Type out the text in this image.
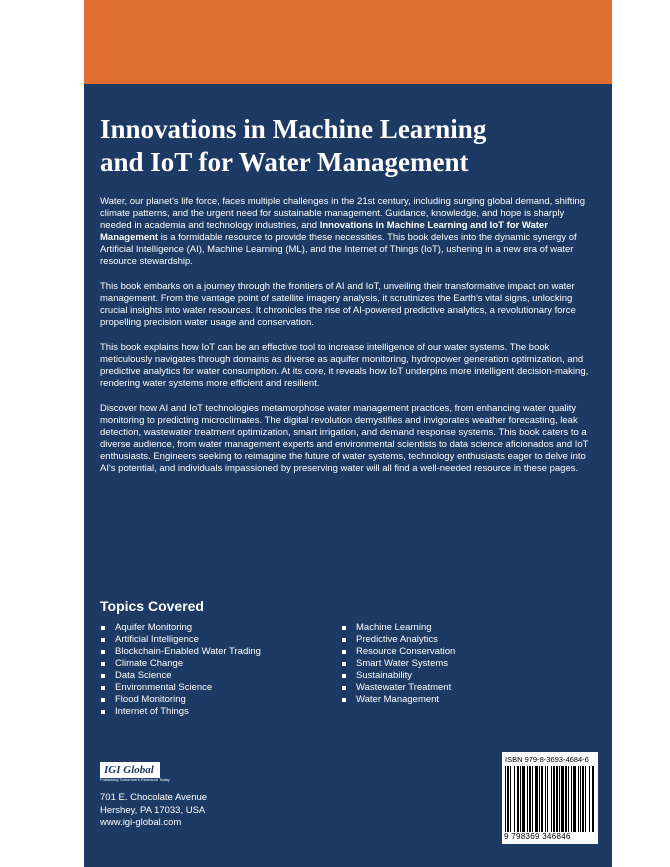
Innovations in Machine Learning
and IoT for Water Management

Water, our planet's life force, faces multiple challenges in the 21st century, including surging global demand, shifting climate patterns, and the urgent need for sustainable management. Guidance, knowledge, and hope is sharply needed in academia and technology industries, and Innovations in Machine Learning and IoT for Water Management is a formidable resource to provide these necessities. This book delves into the dynamic synergy of Artificial Intelligence (AI), Machine Learning (ML), and the Internet of Things (IoT), ushering in a new era of water resource stewardship.

This book embarks on a journey through the frontiers of AI and IoT, unveiling their transformative impact on water management. From the vantage point of satellite imagery analysis, it scrutinizes the Earth's vital signs, unlocking crucial insights into water resources. It chronicles the rise of AI-powered predictive analytics, a revolutionary force propelling precision water usage and conservation.

This book explains how IoT can be an effective tool to increase intelligence of our water systems. The book meticulously navigates through domains as diverse as aquifer monitoring, hydropower generation optimization, and predictive analytics for water consumption. At its core, it reveals how IoT underpins more intelligent decision-making, rendering water systems more efficient and resilient.

Discover how AI and IoT technologies metamorphose water management practices, from enhancing water quality monitoring to predicting microclimates. The digital revolution demystifies and invigorates weather forecasting, leak detection, wastewater treatment optimization, smart irrigation, and demand response systems. This book caters to a diverse audience, from water management experts and environmental scientists to data science aficionados and IoT enthusiasts. Engineers seeking to reimagine the future of water systems, technology enthusiasts eager to delve into AI's potential, and individuals impassioned by preserving water will all find a well-needed resource in these pages.

Topics Covered
Aquifer Monitoring
Artificial Intelligence
Blockchain-Enabled Water Trading
Climate Change
Data Science
Environmental Science
Flood Monitoring
Internet of Things
Machine Learning
Predictive Analytics
Resource Conservation
Smart Water Systems
Sustainability
Wastewater Treatment
Water Management
IGI Global
Publishing Tomorrow's Research Today
701 E. Chocolate Avenue
Hershey, PA 17033, USA
www.igi-global.com
ISBN 979-8-3693-4684-6
9 798369 346846
